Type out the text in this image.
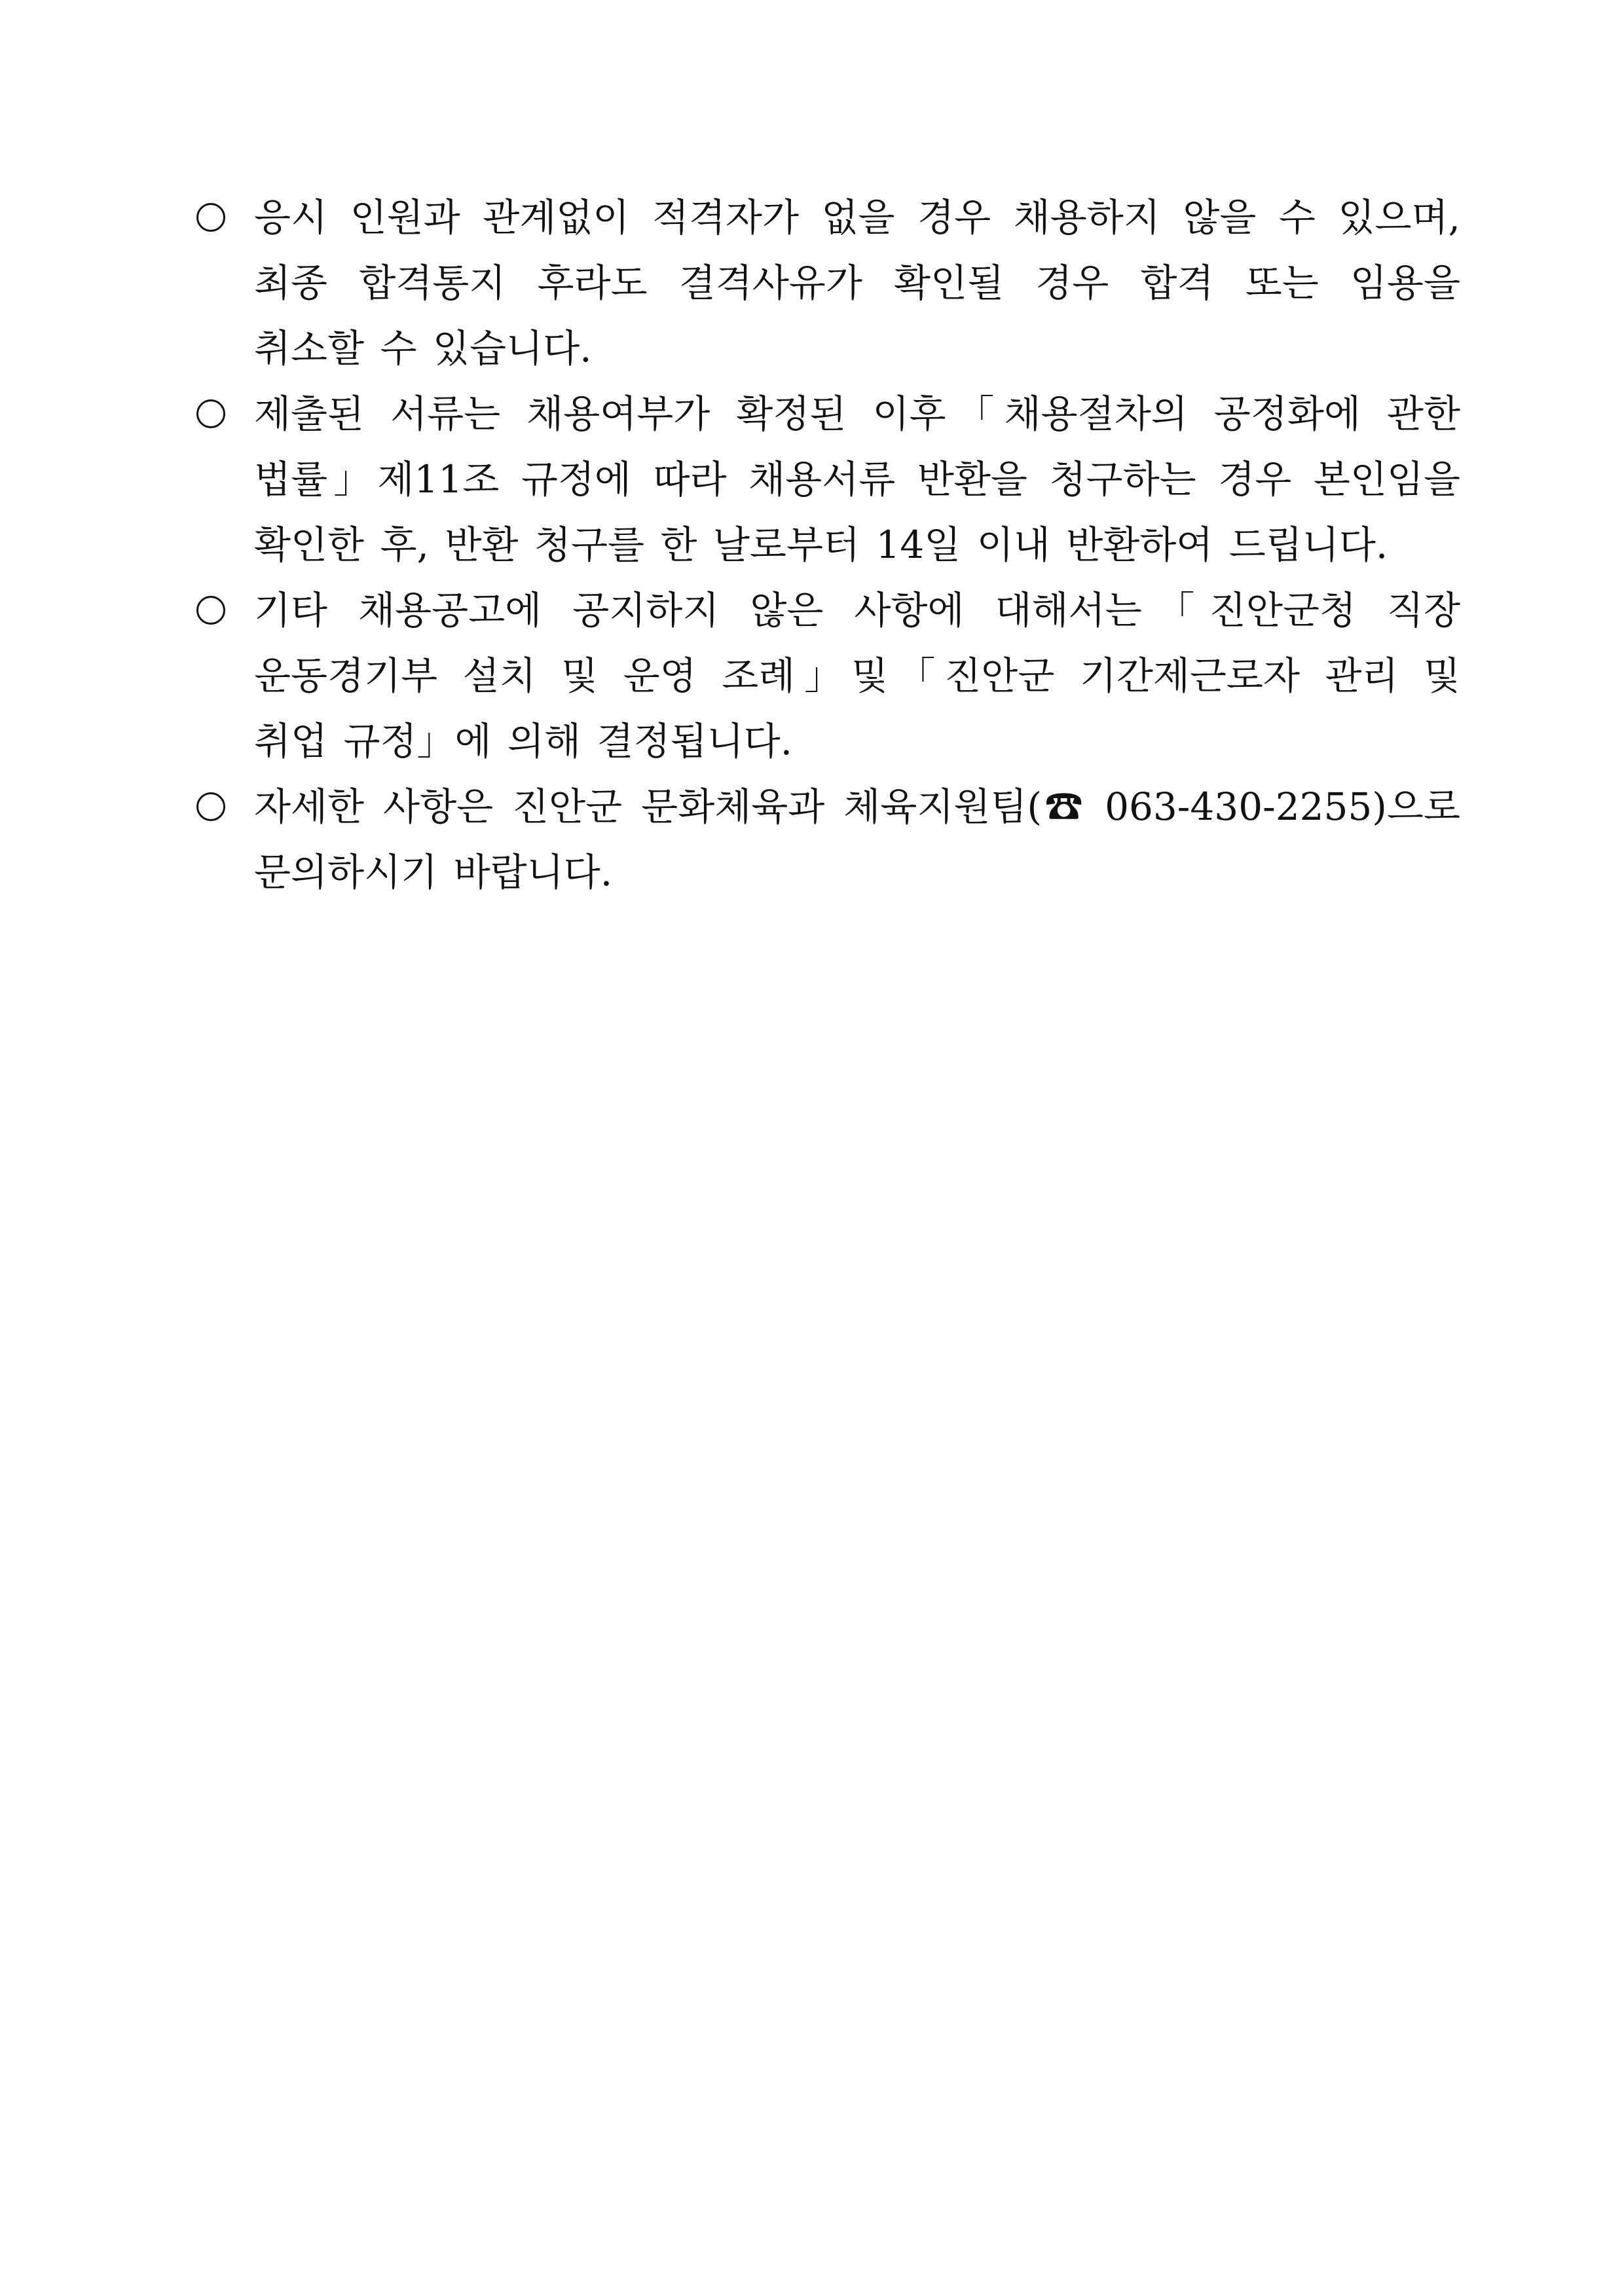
응시 인원과 관계없이 적격자가 없을 경우 채용하지 않을 수 있으며,
최종 합격통지 후라도 결격사유가 확인될 경우 합격 또는 임용을
취소할 수 있습니다.
제출된 서류는 채용여부가 확정된 이후「채용절차의 공정화에 관한
법률」제11조 규정에 따라 채용서류 반환을 청구하는 경우 본인임을
확인한 후, 반환 청구를 한 날로부터 14일 이내 반환하여 드립니다.
기타 채용공고에 공지하지 않은 사항에 대해서는「진안군청 직장
운동경기부 설치 및 운영 조례」및「진안군 기간제근로자 관리 및
취업 규정」에 의해 결정됩니다.
자세한 사항은 진안군 문화체육과 체육지원팀(☎ 063-430-2255)으로
문의하시기 바랍니다.
